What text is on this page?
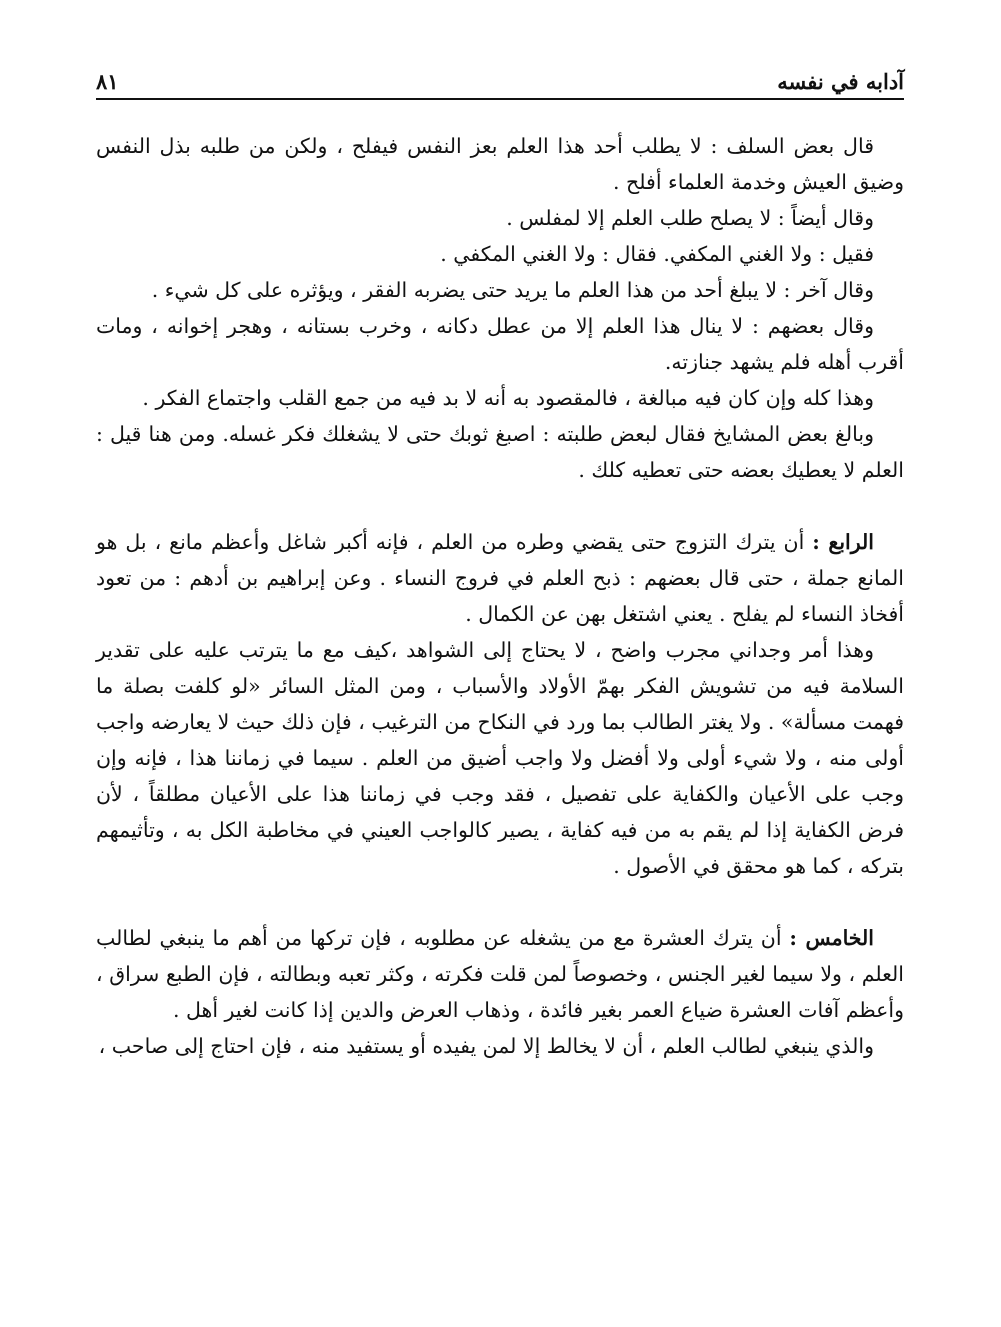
آدابه في نفسه
٨١

قال بعض السلف : لا يطلب أحد هذا العلم بعز النفس فيفلح ، ولكن من طلبه بذل النفس وضيق العيش وخدمة العلماء أفلح .

وقال أيضاً : لا يصلح طلب العلم إلا لمفلس .

فقيل : ولا الغني المكفي. فقال : ولا الغني المكفي .

وقال آخر : لا يبلغ أحد من هذا العلم ما يريد حتى يضربه الفقر ، ويؤثره على كل شيء .

وقال بعضهم : لا ينال هذا العلم إلا من عطل دكانه ، وخرب بستانه ، وهجر إخوانه ، ومات أقرب أهله فلم يشهد جنازته.

وهذا كله وإن كان فيه مبالغة ، فالمقصود به أنه لا بد فيه من جمع القلب واجتماع الفكر .

وبالغ بعض المشايخ فقال لبعض طلبته : اصبغ ثوبك حتى لا يشغلك فكر غسله. ومن هنا قيل : العلم لا يعطيك بعضه حتى تعطيه كلك .

الرابع : أن يترك التزوج حتى يقضي وطره من العلم ، فإنه أكبر شاغل وأعظم مانع ، بل هو المانع جملة ، حتى قال بعضهم : ذبح العلم في فروج النساء . وعن إبراهيم بن أدهم : من تعود أفخاذ النساء لم يفلح . يعني اشتغل بهن عن الكمال .

وهذا أمر وجداني مجرب واضح ، لا يحتاج إلى الشواهد ،كيف مع ما يترتب عليه على تقدير السلامة فيه من تشويش الفكر بهمّ الأولاد والأسباب ، ومن المثل السائر «لو كلفت بصلة ما فهمت مسألة» . ولا يغتر الطالب بما ورد في النكاح من الترغيب ، فإن ذلك حيث لا يعارضه واجب أولى منه ، ولا شيء أولى ولا أفضل ولا واجب أضيق من العلم . سيما في زماننا هذا ، فإنه وإن وجب على الأعيان والكفاية على تفصيل ، فقد وجب في زماننا هذا على الأعيان مطلقاً ، لأن فرض الكفاية إذا لم يقم به من فيه كفاية ، يصير كالواجب العيني في مخاطبة الكل به ، وتأثيمهم بتركه ، كما هو محقق في الأصول .

الخامس : أن يترك العشرة مع من يشغله عن مطلوبه ، فإن تركها من أهم ما ينبغي لطالب العلم ، ولا سيما لغير الجنس ، وخصوصاً لمن قلت فكرته ، وكثر تعبه وبطالته ، فإن الطبع سراق ، وأعظم آفات العشرة ضياع العمر بغير فائدة ، وذهاب العرض والدين إذا كانت لغير أهل .

والذي ينبغي لطالب العلم ، أن لا يخالط إلا لمن يفيده أو يستفيد منه ، فإن احتاج إلى صاحب ،
